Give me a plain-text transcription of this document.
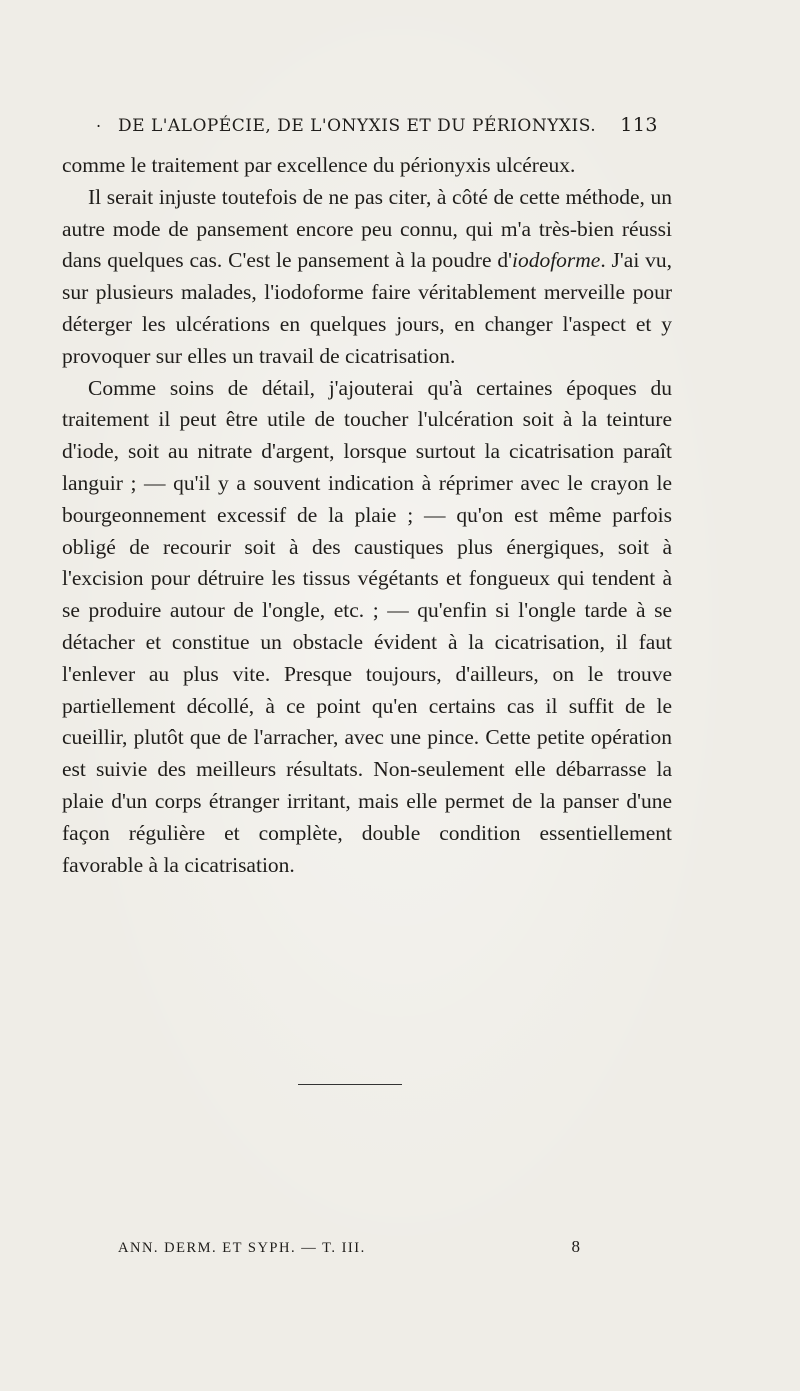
. DE L'ALOPÉCIE, DE L'ONYXIS ET DU PÉRIONYXIS. 113

comme le traitement par excellence du périonyxis ulcéreux.

Il serait injuste toutefois de ne pas citer, à côté de cette méthode, un autre mode de pansement encore peu connu, qui m'a très-bien réussi dans quelques cas. C'est le pansement à la poudre d'iodoforme. J'ai vu, sur plusieurs malades, l'iodoforme faire véritablement merveille pour déterger les ulcérations en quelques jours, en changer l'aspect et y provoquer sur elles un travail de cicatrisation.

Comme soins de détail, j'ajouterai qu'à certaines époques du traitement il peut être utile de toucher l'ulcération soit à la teinture d'iode, soit au nitrate d'argent, lorsque surtout la cicatrisation paraît languir ; — qu'il y a souvent indication à réprimer avec le crayon le bourgeonnement excessif de la plaie ; — qu'on est même parfois obligé de recourir soit à des caustiques plus énergiques, soit à l'excision pour détruire les tissus végétants et fongueux qui tendent à se produire autour de l'ongle, etc. ; — qu'enfin si l'ongle tarde à se détacher et constitue un obstacle évident à la cicatrisation, il faut l'enlever au plus vite. Presque toujours, d'ailleurs, on le trouve partiellement décollé, à ce point qu'en certains cas il suffit de le cueillir, plutôt que de l'arracher, avec une pince. Cette petite opération est suivie des meilleurs résultats. Non-seulement elle débarrasse la plaie d'un corps étranger irritant, mais elle permet de la panser d'une façon régulière et complète, double condition essentiellement favorable à la cicatrisation.

ANN. DERM. ET SYPH. — T. III.	8
